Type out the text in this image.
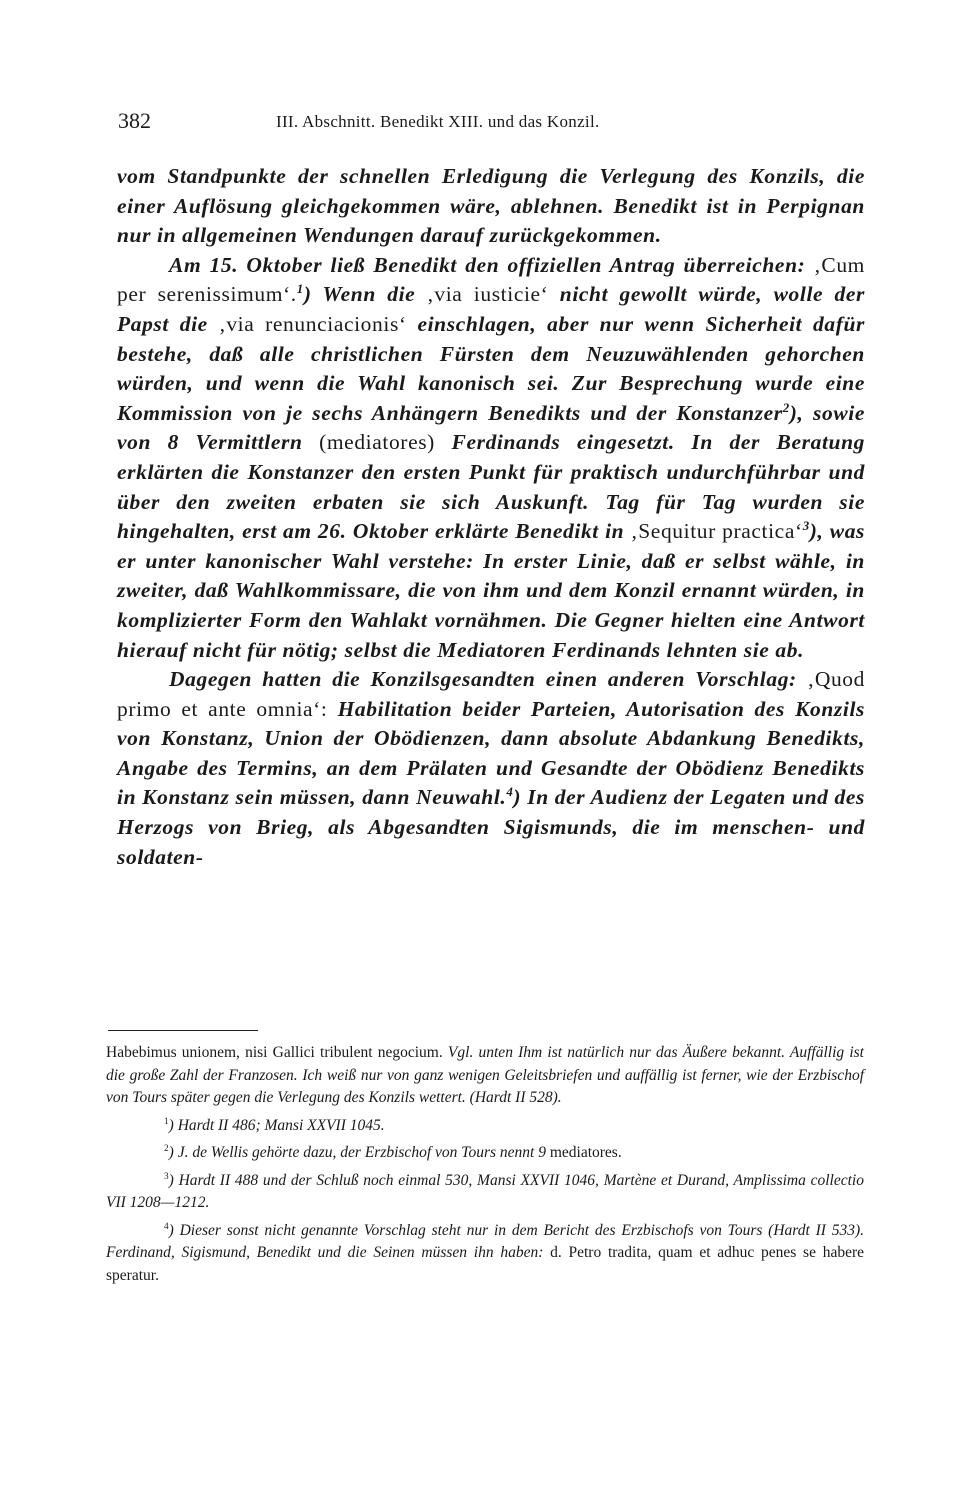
382	III. Abschnitt. Benedikt XIII. und das Konzil.

vom Standpunkte der schnellen Erledigung die Verlegung des Konzils, die einer Auflösung gleichgekommen wäre, ablehnen. Benedikt ist in Perpignan nur in allgemeinen Wendungen darauf zurückgekommen.

Am 15. Oktober ließ Benedikt den offiziellen Antrag überreichen: ‚Cum per serenissimum‘.$^1$) Wenn die ‚via iusticie‘ nicht gewollt würde, wolle der Papst die ‚via renunciacionis‘ einschlagen, aber nur wenn Sicherheit dafür bestehe, daß alle christlichen Fürsten dem Neuzuwählenden gehorchen würden, und wenn die Wahl kanonisch sei. Zur Besprechung wurde eine Kommission von je sechs Anhängern Benedikts und der Konstanzer$^2$), sowie von 8 Vermittlern (mediatores) Ferdinands eingesetzt. In der Beratung erklärten die Konstanzer den ersten Punkt für praktisch undurchführbar und über den zweiten erbaten sie sich Auskunft. Tag für Tag wurden sie hingehalten, erst am 26. Oktober erklärte Benedikt in ‚Sequitur practica‘$^3$), was er unter kanonischer Wahl verstehe: In erster Linie, daß er selbst wähle, in zweiter, daß Wahlkommissare, die von ihm und dem Konzil ernannt würden, in komplizierter Form den Wahlakt vornähmen. Die Gegner hielten eine Antwort hierauf nicht für nötig; selbst die Mediatoren Ferdinands lehnten sie ab.

Dagegen hatten die Konzilsgesandten einen anderen Vorschlag: ‚Quod primo et ante omnia‘: Habilitation beider Parteien, Autorisation des Konzils von Konstanz, Union der Obödienzen, dann absolute Abdankung Benedikts, Angabe des Termins, an dem Prälaten und Gesandte der Obödienz Benedikts in Konstanz sein müssen, dann Neuwahl.$^4$) In der Audienz der Legaten und des Herzogs von Brieg, als Abgesandten Sigismunds, die im menschen- und soldaten-

Habebimus unionem, nisi Gallici tribulent negocium. Vgl. unten Ihm ist natürlich nur das Äußere bekannt. Auffällig ist die große Zahl der Franzosen. Ich weiß nur von ganz wenigen Geleitsbriefen und auffällig ist ferner, wie der Erzbischof von Tours später gegen die Verlegung des Konzils wettert. (Hardt II 528).

$^1$) Hardt II 486; Mansi XXVII 1045.

$^2$) J. de Wellis gehörte dazu, der Erzbischof von Tours nennt 9 mediatores.

$^3$) Hardt II 488 und der Schluß noch einmal 530, Mansi XXVII 1046, Martène et Durand, Amplissima collectio VII 1208—1212.

$^4$) Dieser sonst nicht genannte Vorschlag steht nur in dem Bericht des Erzbischofs von Tours (Hardt II 533). Ferdinand, Sigismund, Benedikt und die Seinen müssen ihn haben: d. Petro tradita, quam et adhuc penes se habere speratur.
